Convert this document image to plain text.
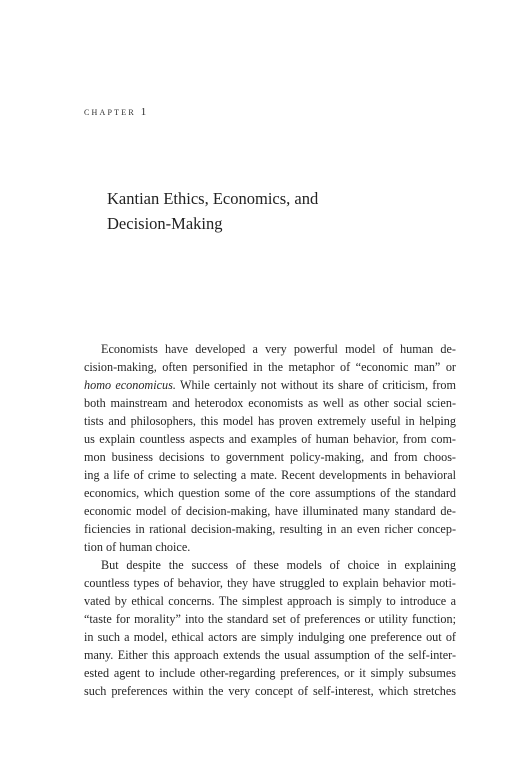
chapter 1
Kantian Ethics, Economics, and
Decision-Making

Economists have developed a very powerful model of human de-
cision-making, often personified in the metaphor of “economic man” or
homo economicus. While certainly not without its share of criticism, from
both mainstream and heterodox economists as well as other social scien-
tists and philosophers, this model has proven extremely useful in helping
us explain countless aspects and examples of human behavior, from com-
mon business decisions to government policy-making, and from choos-
ing a life of crime to selecting a mate. Recent developments in behavioral
economics, which question some of the core assumptions of the standard
economic model of decision-making, have illuminated many standard de-
ficiencies in rational decision-making, resulting in an even richer concep-
tion of human choice.

But despite the success of these models of choice in explaining
countless types of behavior, they have struggled to explain behavior moti-
vated by ethical concerns. The simplest approach is simply to introduce a
“taste for morality” into the standard set of preferences or utility function;
in such a model, ethical actors are simply indulging one preference out of
many. Either this approach extends the usual assumption of the self-inter-
ested agent to include other-regarding preferences, or it simply subsumes
such preferences within the very concept of self-interest, which stretches
